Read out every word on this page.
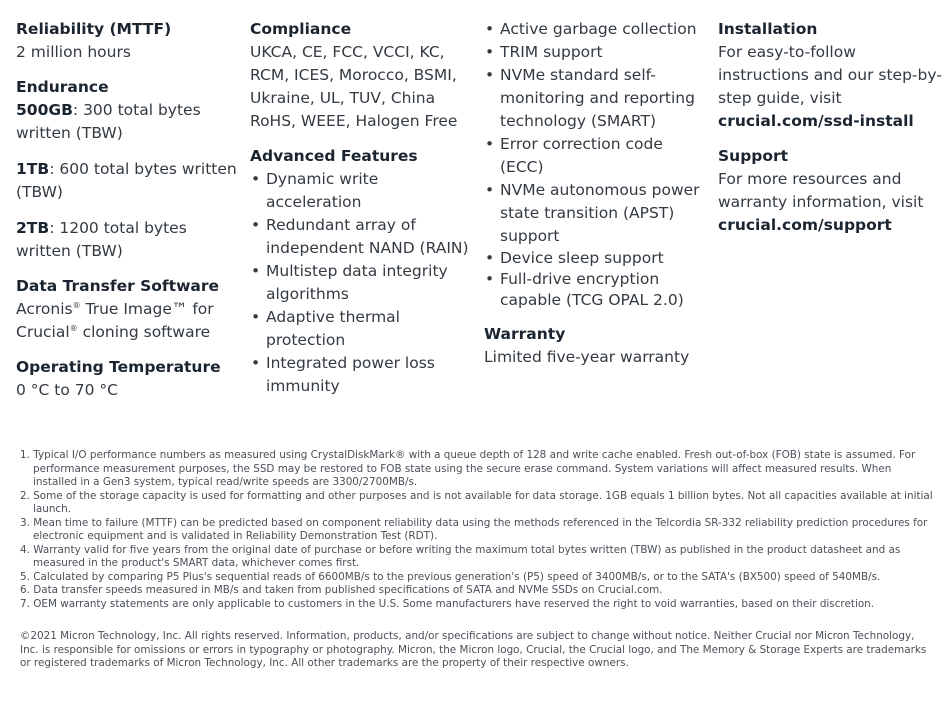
Reliability (MTTF)

2 million hours

Endurance

500GB: 300 total bytes written (TBW)

1TB: 600 total bytes written (TBW)

2TB: 1200 total bytes written (TBW)

Data Transfer Software

Acronis® True Image™ for
Crucial® cloning software

Operating Temperature

0 °C to 70 °C

Compliance

UKCA, CE, FCC, VCCI, KC, RCM, ICES, Morocco, BSMI, Ukraine, UL, TUV, China RoHS, WEEE, Halogen Free

Advanced Features

• Dynamic write acceleration
• Redundant array of independent NAND (RAIN)
• Multistep data integrity algorithms
• Adaptive thermal protection
• Integrated power loss immunity
• Active garbage collection
• TRIM support
• NVMe standard self-monitoring and reporting technology (SMART)
• Error correction code (ECC)
• NVMe autonomous power state transition (APST) support
• Device sleep support
• Full-drive encryption capable (TCG OPAL 2.0)

Warranty

Limited five-year warranty

Installation

For easy-to-follow instructions and our step-by-step guide, visit crucial.com/ssd-install

Support

For more resources and warranty information, visit crucial.com/support

1. Typical I/O performance numbers as measured using CrystalDiskMark® with a queue depth of 128 and write cache enabled. Fresh out-of-box (FOB) state is assumed. For performance measurement purposes, the SSD may be restored to FOB state using the secure erase command. System variations will affect measured results. When installed in a Gen3 system, typical read/write speeds are 3300/2700MB/s.
2. Some of the storage capacity is used for formatting and other purposes and is not available for data storage. 1GB equals 1 billion bytes. Not all capacities available at initial launch.
3. Mean time to failure (MTTF) can be predicted based on component reliability data using the methods referenced in the Telcordia SR-332 reliability prediction procedures for electronic equipment and is validated in Reliability Demonstration Test (RDT).
4. Warranty valid for five years from the original date of purchase or before writing the maximum total bytes written (TBW) as published in the product datasheet and as measured in the product's SMART data, whichever comes first.
5. Calculated by comparing P5 Plus's sequential reads of 6600MB/s to the previous generation's (P5) speed of 3400MB/s, or to the SATA's (BX500) speed of 540MB/s.
6. Data transfer speeds measured in MB/s and taken from published specifications of SATA and NVMe SSDs on Crucial.com.
7. OEM warranty statements are only applicable to customers in the U.S. Some manufacturers have reserved the right to void warranties, based on their discretion.

©2021 Micron Technology, Inc. All rights reserved. Information, products, and/or specifications are subject to change without notice. Neither Crucial nor Micron Technology, Inc. is responsible for omissions or errors in typography or photography. Micron, the Micron logo, Crucial, the Crucial logo, and The Memory & Storage Experts are trademarks or registered trademarks of Micron Technology, Inc. All other trademarks are the property of their respective owners.
